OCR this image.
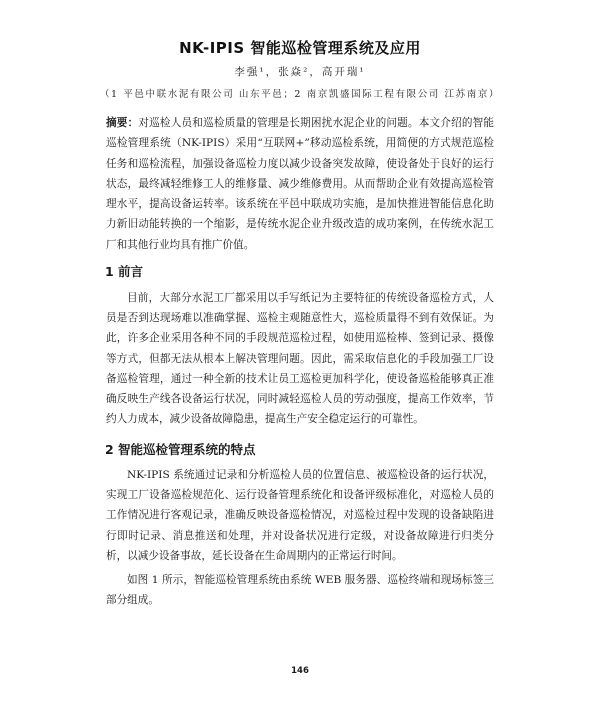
NK-IPIS 智能巡检管理系统及应用
李强¹，张焱²，高开瑞¹
（1 平邑中联水泥有限公司 山东平邑；2 南京凯盛国际工程有限公司 江苏南京）
摘要：对巡检人员和巡检质量的管理是长期困扰水泥企业的问题。本文介绍的智能巡检管理系统（NK-IPIS）采用“互联网+”移动巡检系统，用简便的方式规范巡检任务和巡检流程，加强设备巡检力度以减少设备突发故障，使设备处于良好的运行状态，最终减轻维修工人的维修量、减少维修费用。从而帮助企业有效提高巡检管理水平，提高设备运转率。该系统在平邑中联成功实施，是加快推进智能信息化助力新旧动能转换的一个缩影，是传统水泥企业升级改造的成功案例，在传统水泥工厂和其他行业均具有推广价值。
1 前言

目前，大部分水泥工厂都采用以手写纸记为主要特征的传统设备巡检方式，人员是否到达现场难以准确掌握、巡检主观随意性大，巡检质量得不到有效保证。为此，许多企业采用各种不同的手段规范巡检过程，如使用巡检棒、签到记录、摄像等方式，但都无法从根本上解决管理问题。因此，需采取信息化的手段加强工厂设备巡检管理，通过一种全新的技术让员工巡检更加科学化，使设备巡检能够真正准确反映生产线各设备运行状况，同时减轻巡检人员的劳动强度，提高工作效率，节约人力成本，减少设备故障隐患，提高生产安全稳定运行的可靠性。

2 智能巡检管理系统的特点

NK-IPIS 系统通过记录和分析巡检人员的位置信息、被巡检设备的运行状况，实现工厂设备巡检规范化、运行设备管理系统化和设备评级标准化，对巡检人员的工作情况进行客观记录，准确反映设备巡检情况，对巡检过程中发现的设备缺陷进行即时记录、消息推送和处理，并对设备状况进行定级，对设备故障进行归类分析，以减少设备事故，延长设备在生命周期内的正常运行时间。

如图 1 所示，智能巡检管理系统由系统 WEB 服务器、巡检终端和现场标签三部分组成。

146
